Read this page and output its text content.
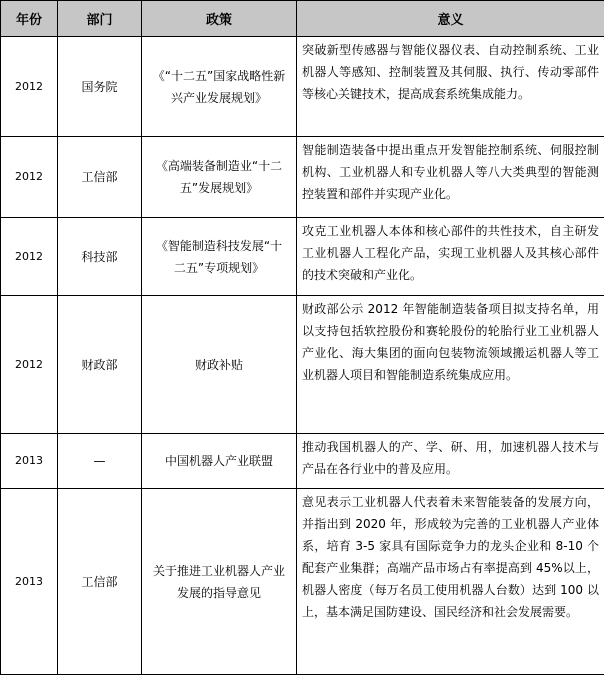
年份	部门	政策	意义
2012	国务院	《“十二五”国家战略性新兴产业发展规划》	突破新型传感器与智能仪器仪表、自动控制系统、工业机器人等感知、控制装置及其伺服、执行、传动零部件等核心关键技术，提高成套系统集成能力。
2012	工信部	《高端装备制造业“十二五”发展规划》	智能制造装备中提出重点开发智能控制系统、伺服控制机构、工业机器人和专业机器人等八大类典型的智能测控装置和部件并实现产业化。
2012	科技部	《智能制造科技发展“十二五”专项规划》	攻克工业机器人本体和核心部件的共性技术，自主研发工业机器人工程化产品，实现工业机器人及其核心部件的技术突破和产业化。
2012	财政部	财政补贴	财政部公示 2012 年智能制造装备项目拟支持名单，用以支持包括软控股份和赛轮股份的轮胎行业工业机器人产业化、海大集团的面向包装物流领域搬运机器人等工业机器人项目和智能制造系统集成应用。
2013	—	中国机器人产业联盟	推动我国机器人的产、学、研、用，加速机器人技术与产品在各行业中的普及应用。
2013	工信部	关于推进工业机器人产业发展的指导意见	意见表示工业机器人代表着未来智能装备的发展方向，并指出到 2020 年，形成较为完善的工业机器人产业体系，培育 3-5 家具有国际竞争力的龙头企业和 8-10 个配套产业集群；高端产品市场占有率提高到 45%以上，机器人密度（每万名员工使用机器人台数）达到 100 以上，基本满足国防建设、国民经济和社会发展需要。
